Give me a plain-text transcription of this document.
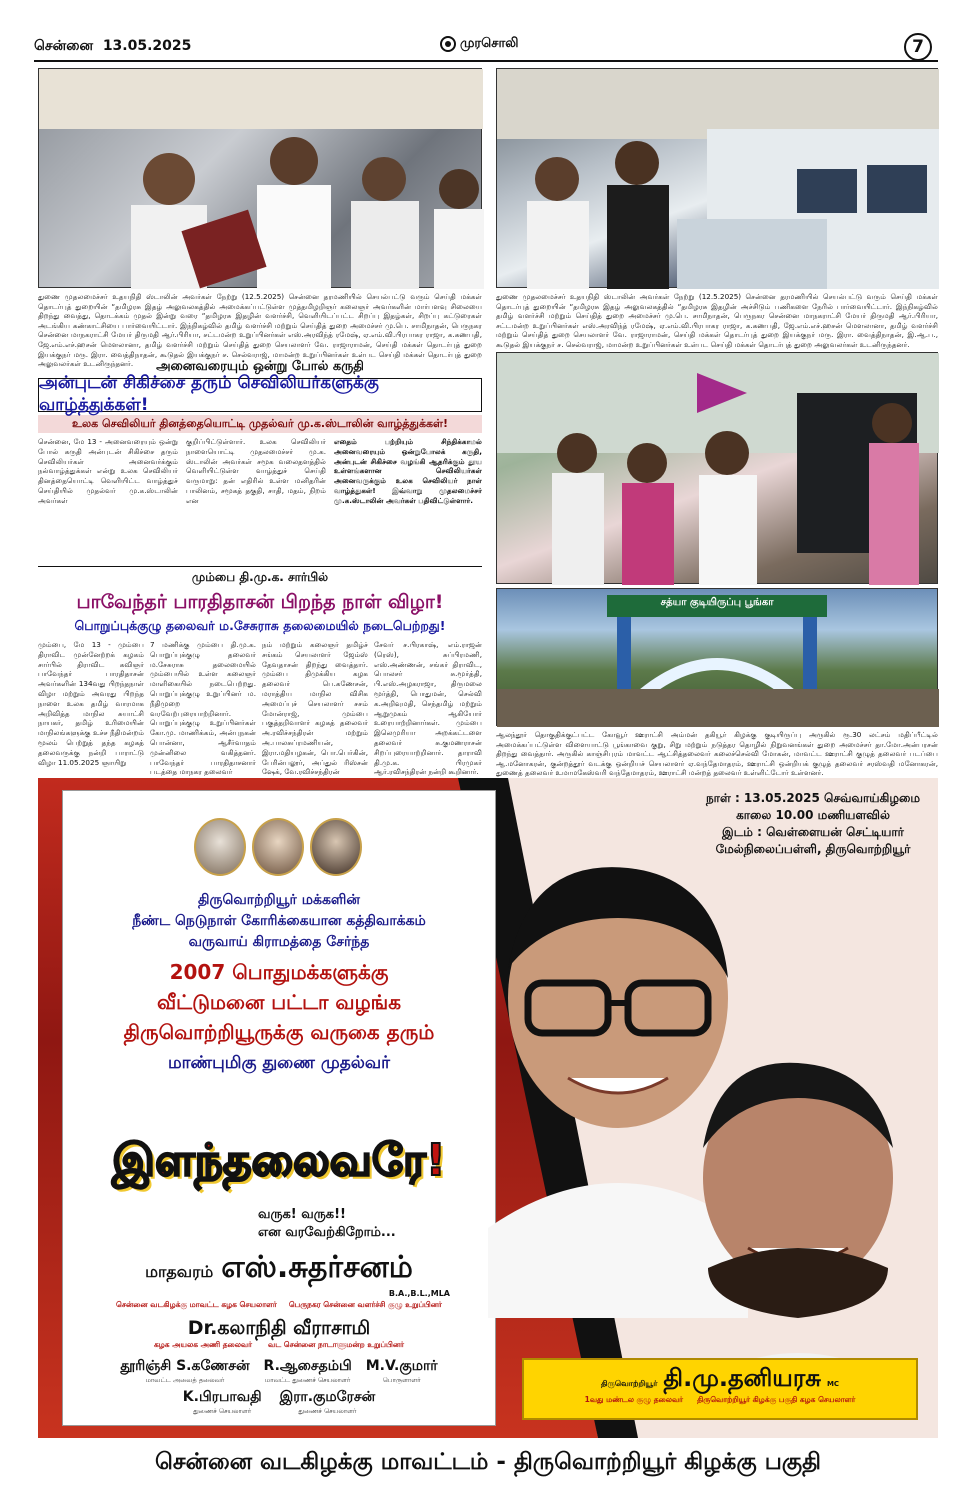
சென்னை 13.05.2025	முரசொலி	7
துணை முதலமைச்சர் உதயநிதி ஸ்டாலின் அவர்கள் நேற்று (12.5.2025) சென்னை தரமணியில் செயல்பட்டு வரும் செய்தி மக்கள் தொடர்புத் துறையின் “தமிழரசு இதழ் அலுவலகத்தில் அமைக்கப்பட்டுள்ள முத்தமிழறிஞர் கலைஞர் அவர்களின் மார்பளவு சிலையை திறந்து வைத்து, தொடக்கம் முதல் இன்று வரை “தமிழரசு இதழின் வளர்ச்சி, வெளியிடப்பட்ட சிறப்பு இதழ்கள், சிறப்பு கட்டுரைகள் அடங்கிய கண்காட்சியை பார்வையிட்டார். இந்நிகழ்வில் தமிழ் வளர்ச்சி மற்றும் செய்தித் துறை அமைச்சர் மு.பெ. சாமிநாதன், பெருநகர சென்னை மாநகராட்சி மேயர் திருமதி ஆர்.பிரியா, சட்டமன்ற உறுப்பினர்கள் எஸ்.அரவிந்த் ரமேஷ், ஏ.எம்.வி.பிரபாகர ராஜா, க.கணபதி, ஜே.எம்.எச்.ஹசன் மௌலானா, தமிழ் வளர்ச்சி மற்றும் செய்தித் துறை செயலாளர் வே. ராஜாராமன், செய்தி மக்கள் தொடர்புத் துறை இயக்குநர் மரு. இரா. வைத்திநாதன், கூடுதல் இயக்குநர் ச. செல்வராஜ், மாமன்ற உறுப்பினர்கள் உள்பட செய்தி மக்கள் தொடர்புத் துறை அலுவலர்கள் உடனிருந்தனர்.
துணை முதலமைச்சர் உதயநிதி ஸ்டாலின் அவர்கள் நேற்று (12.5.2025) சென்னை தரமணியில் செயல்பட்டு வரும் செய்தி மக்கள் தொடர்புத் துறையின் “தமிழரசு இதழ் அலுவலகத்தில் “தமிழரசு இதழின் அச்சிடும் பணிகளை நேரில் பார்வையிட்டார். இந்நிகழ்வில் தமிழ் வளர்ச்சி மற்றும் செய்தித் துறை அமைச்சர் மு.பெ. சாமிநாதன், பெருநகர சென்னை மாநகராட்சி மேயர் திருமதி ஆர்.பிரியா, சட்டமன்ற உறுப்பினர்கள் எஸ்.அரவிந்த் ரமேஷ், ஏ.எம்.வி.பிரபாகர ராஜா, க.கணபதி, ஜே.எம்.எச்.ஹசன் மௌலானா, தமிழ் வளர்ச்சி மற்றும் செய்தித் துறை செயலாளர் வே. ராஜாராமன், செய்தி மக்கள் தொடர்புத் துறை இயக்குநர் மரு. இரா. வைத்திநாதன், இ.ஆ.ப., கூடுதல் இயக்குநர் ச. செல்வராஜ், மாமன்ற உறுப்பினர்கள் உள்பட செய்தி மக்கள் தொடர்புத் துறை அலுவலர்கள் உடனிருந்தனர்.
அனைவரையும் ஒன்று போல் கருதி
அன்புடன் சிகிச்சை தரும் செவிலியர்களுக்கு வாழ்த்துக்கள்!
உலக செவிலியர் தினத்தையொட்டி முதல்வர் மு.க.ஸ்டாலின் வாழ்த்துக்கள்!
சென்னை, மே 13 - அனைவரையும் ஒன்று போல் கருதி அன்புடன் சிகிச்சை தரும் செவிலியர்கள் அனைவர்க்கும் நல்வாழ்த்துக்கள் என்று உலக செவிலியர் தினத்தையொட்டி வெளியிட்ட வாழ்த்துச் செய்தியில் முதல்வர் மு.க.ஸ்டாலின் அவர்கள்
குறிப்பிட்டுள்ளார். உலக செவிலியர் நாளையொட்டி முதலமைச்சர் மு.க. ஸ்டாலின் அவர்கள் சமூக வலைதளத்தில் வெளியிட்டுள்ள வாழ்த்துச் செய்தி வருமாறு: தன் எதிரில் உள்ள மனிதரின் பாலினம், சமூகத் தகுதி, சாதி, மதம், நிறம் என
எதைம் பற்றியும் சிந்திக்காமல் அனைவரையும் ஒன்றுபோலக் கருதி, அன்புடன் சிகிச்சை வழங்கி ஆதரிக்கும் தூய உள்ளங்களான செவிலியர்கள் அனைவருக்கும் உலக செவிலியர் நாள் வாழ்த்துகள்! இவ்வாறு முதலமைச்சர் மு.க.ஸ்டாலின் அவர்கள் பதிவிட்டுள்ளார்.
மும்பை தி.மு.க. சார்பில்
பாவேந்தர் பாரதிதாசன் பிறந்த நாள் விழா!
பொறுப்புக்குழு தலைவர் ம.சேசுராசு தலைமையில் நடைபெற்றது!
மும்பை, மே 13 - மும்பை திராவிட முன்னேற்றக் கழகம் சார்பில் திராவிட கவிஞர் பாவேந்தர் பாரதிதாசன் அவர்களின் 134வது பிறந்தநாள் விழா மற்றும் அவரது பிறந்த நாளை உலக தமிழ் வாரமாக அறிவித்த மாநில சுயாட்சி நாயகர், தமிழ் உரிமையின் மாநிலங்களுக்கு உச்ச நீதிமன்றம் மூலம் பெற்றுத் தந்த கழகத் தலைவருக்கு நன்றி பாராட்டு விழா 11.05.2025 ஞாயிறு
7 மணிக்கு மும்பை தி.மு.க. பொறுப்புக்குழு தலைவர் ம.சேசுராசு தலைமையில் மும்பையில் உள்ள கலைஞர் மாளிகையில் நடைபெற்றது. பொறுப்புக்குழு உறுப்பினர் ம. நீதிமுறை வரவேற்புரையாற்றினார். பொறுப்புக்குழு உறுப்பினர்கள் கோ.மு. மாணிக்கம், அன்புநகன் பொன்னா, ஆசீர்வாதம் முன்னிலை வகித்தனர். பாவேந்தர் பாரதிதாசனார் படத்தை மாநகர தலைவர்
நம் மற்றும் கலைஞர் தமிழ்ச் சங்கம் செயலாளர் ஜேம்ஸ் தேவதாசன் திறந்து வைத்தார். மும்பை திமுக்கிய கழக தலைவர் பெ.கணேசன், மராத்திய மாநில விசிக அமைப்புச் செயலாளர் சசம் மோன்ராஜ், மும்பை பகுத்தறிவாளர் கழகத் தலைவர் அ.ரவிச்சந்திரன் மற்றும் அ.பாலசுப்ரமணியன், இரா.மதியழகன், பொ.பெர்கின், பேரின்பலூர், அப்துல் ரிஸ்சன் ஷேக், வே.ரவிச்சந்திரன்
சேவர் ச.பிரகாஷ், எம்.ராஜன் (ரெஸ்), சுப்பிரமணி, எஸ்.அண்ணன், சங்கர் திராவிட, பொலசர் சு.மூர்த்தி, பி.எஸ்.அழகராஜா, திருமலை மூர்த்தி, பொதுமன், செல்வி க.அறிவுமதி, செந்தமிழ் மற்றும் ஆறுமுகம் ஆகியோர் உரையாற்றினார்கள். மும்பை இலெமுரியா அறக்கட்டளை தலைவர் சு.குமணராசன் சிறப்புரையாற்றினார். தாராவி தி.மு.க. பிரமுகர் ஆர்.ரவிசந்திரன் நன்றி கூறினார்.
சத்யா குடியிருப்பு பூங்கா
ஆலந்தூர் தொகுதிக்குட்பட்ட கோவூர் ஊராட்சி அம்மன் தகியூர் கிழக்கு குடியிருப்பு அருகில் ரூ.30 லட்சம் மதிப்பீட்டில் அமைக்கப்பட்டுள்ள விளையாட்டு பூங்காவை குறு, சிறு மற்றும் நடுத்தர தொழில் நிறுவனங்கள் துறை அமைச்சர் தா.மோ.அன்பரசன் திறந்து வைத்தார். அருகில் காஞ்சிபுரம் மாவட்ட ஆட்சித்தலைவர் கலைச்செல்வி மோகன், மாவட்ட ஊராட்சி குழுத் தலைவர் படப்பை ஆ.மனோகரன், குன்றத்தூர் வடக்கு ஒன்றியச் செயலாளர் ஏ.வந்தேமாதரம், ஊராட்சி ஒன்றியக் குழுத் தலைவர் சரஸ்வதி மனோகரன், துணைத் தலைவர் உமாமகேஸ்வரி வந்தேமாதரம், ஊராட்சி மன்றத் தலைவர் உள்ளிட்டோர் உள்ளனர்.
திருவொற்றியூர் மக்களின்
நீண்ட நெடுநாள் கோரிக்கையான கத்திவாக்கம்
வருவாய் கிராமத்தை சேர்ந்த
2007 பொதுமக்களுக்கு
வீட்டுமனை பட்டா வழங்க
திருவொற்றியூருக்கு வருகை தரும்
மாண்புமிகு துணை முதல்வர்
இளந்தலைவரே!
வருக! வருக!!
என வரவேற்கிறோம்...
மாதவரம் எஸ்.சுதர்சனம்
B.A.,B.L.,MLA
சென்னை வடகிழக்கு மாவட்ட கழக செயலாளர் பெருநகர சென்னை வளர்ச்சி குழு உறுப்பினர்
Dr.கலாநிதி வீராசாமி
கழக அயலக அணி தலைவர் வட சென்னை நாடாளுமன்ற உறுப்பினர்
தூரிஞ்சி S.கணேசன்
மாவட்ட அவைத் தலைவர்
R.ஆசைதம்பி
மாவட்ட துணைச் செயலாளர்
M.V.குமார்
பொருளாளர்
K.பிரபாவதி
துணைச் செயலாளர்
இரா.குமரேசன்
துணைச் செயலாளர்
நாள் : 13.05.2025 செவ்வாய்கிழமை
காலை 10.00 மணியளவில்
இடம் : வெள்ளையன் செட்டியார்
மேல்நிலைப்பள்ளி, திருவொற்றியூர்
திருவொற்றியூர் தி.மு.தனியரசு MC
1வது மண்டல குழு தலைவர் திருவொற்றியூர் கிழக்கு பகுதி கழக செயலாளர்
சென்னை வடகிழக்கு மாவட்டம் - திருவொற்றியூர் கிழக்கு பகுதி
